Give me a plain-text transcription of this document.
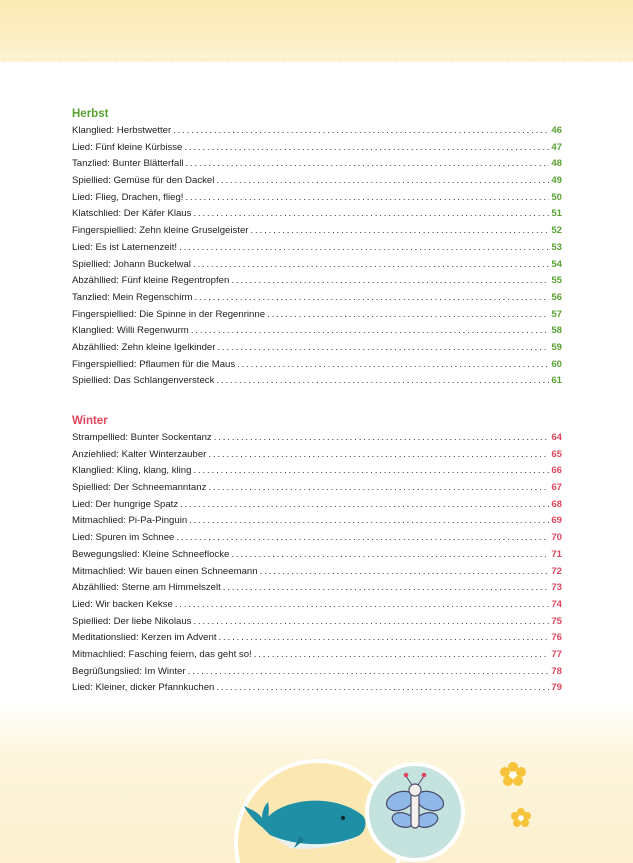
Herbst
Klanglied: Herbstwetter . . .	46
Lied: Fünf kleine Kürbisse . . .	47
Tanzlied: Bunter Blätterfall . . .	48
Spiellied: Gemüse für den Dackel . . .	49
Lied: Flieg, Drachen, flieg! . . .	50
Klatschlied: Der Käfer Klaus . . .	51
Fingerspiellied: Zehn kleine Gruselgeister . . .	52
Lied: Es ist Laternenzeit! . . .	53
Spiellied: Johann Buckelwal . . .	54
Abzähllied: Fünf kleine Regentropfen . . .	55
Tanzlied: Mein Regenschirm . . .	56
Fingerspiellied: Die Spinne in der Regenrinne . . .	57
Klanglied: Willi Regenwurm . . .	58
Abzähllied: Zehn kleine Igelkinder . . .	59
Fingerspiellied: Pflaumen für die Maus . . .	60
Spiellied: Das Schlangenversteck . . .	61
Winter
Strampellied: Bunter Sockentanz . . .	64
Anziehlied: Kalter Winterzauber . . .	65
Klanglied: Kling, klang, kling . . .	66
Spiellied: Der Schneemanntanz . . .	67
Lied: Der hungrige Spatz . . .	68
Mitmachlied: Pi-Pa-Pinguin . . .	69
Lied: Spuren im Schnee . . .	70
Bewegungslied: Kleine Schneeflocke . . .	71
Mitmachlied: Wir bauen einen Schneemann . . .	72
Abzähllied: Sterne am Himmelszelt . . .	73
Lied: Wir backen Kekse . . .	74
Spiellied: Der liebe Nikolaus . . .	75
Meditationslied: Kerzen im Advent . . .	76
Mitmachlied: Fasching feiern, das geht so! . . .	77
Begrüßungslied: Im Winter . . .	78
Lied: Kleiner, dicker Pfannkuchen . . .	79
